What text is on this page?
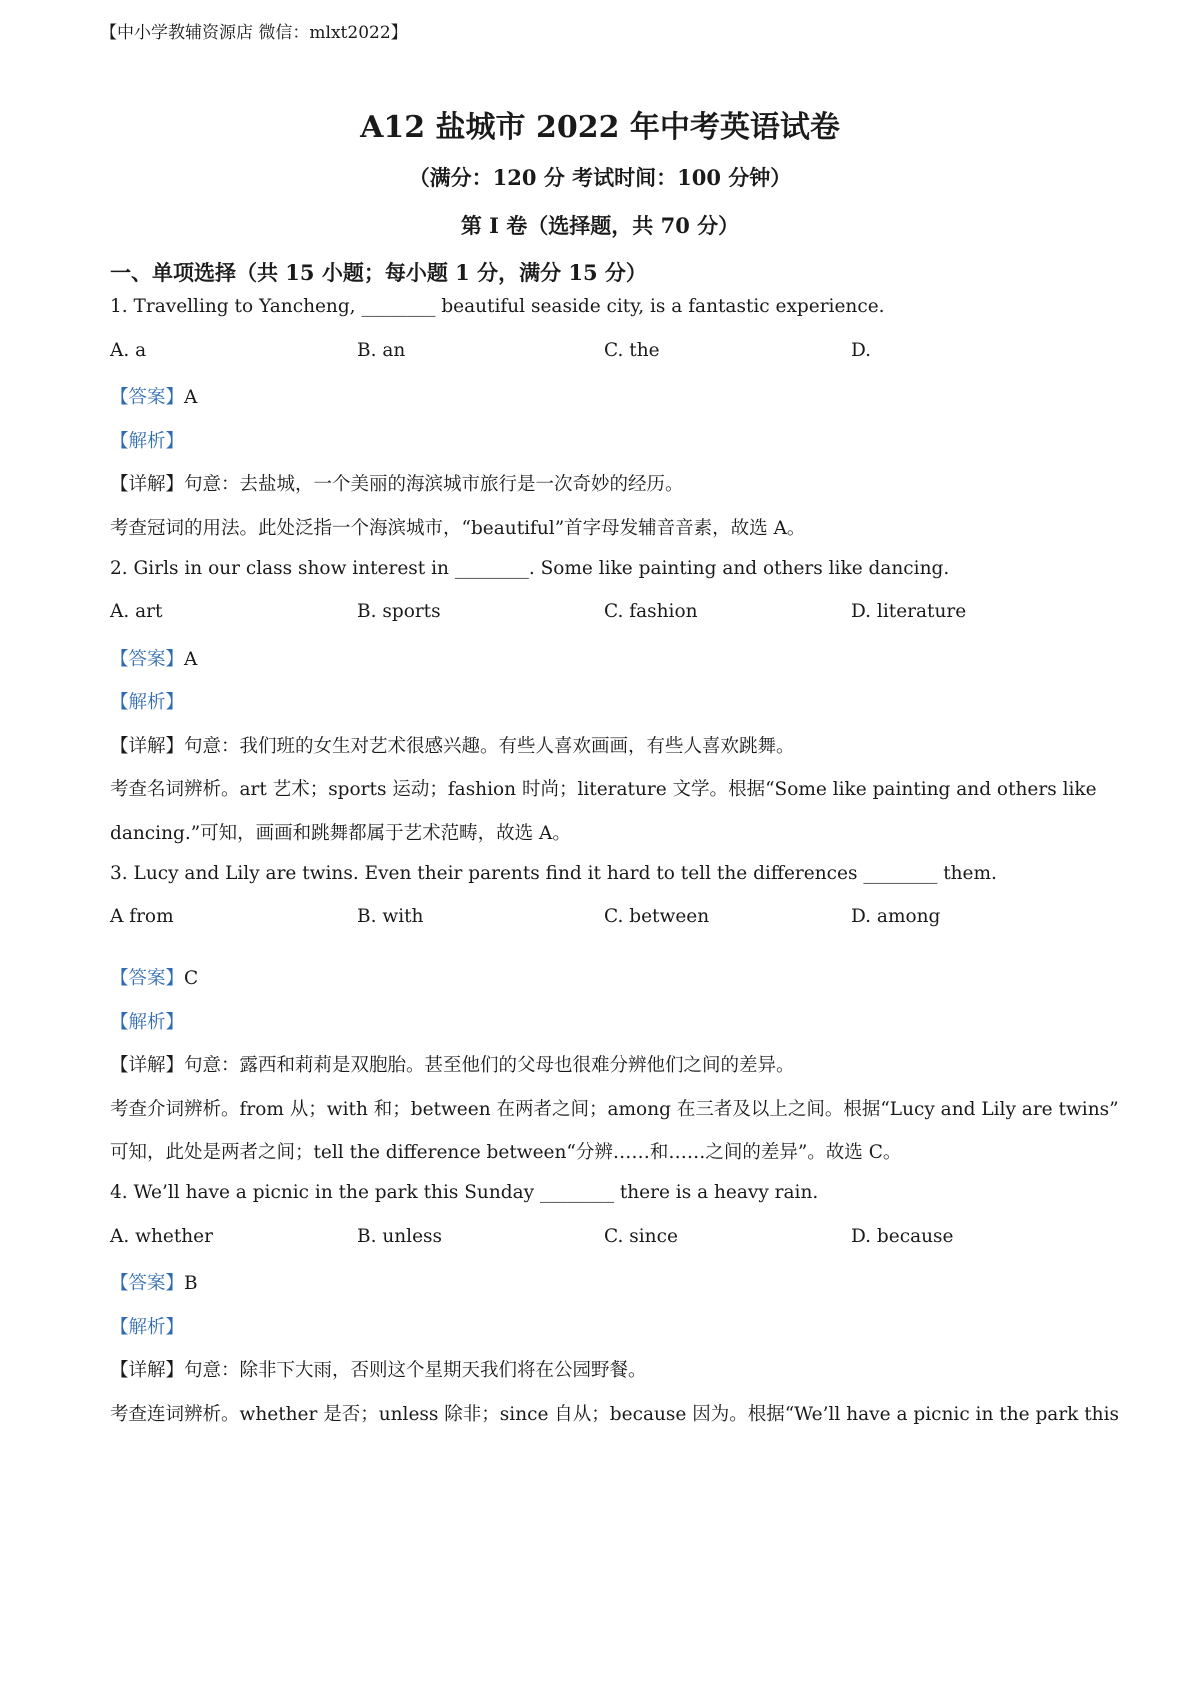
【中小学教辅资源店 微信：mlxt2022】
A12 盐城市 2022 年中考英语试卷
（满分：120 分 考试时间：100 分钟）
第 I 卷（选择题，共 70 分）
一、单项选择（共 15 小题；每小题 1 分，满分 15 分）
1. Travelling to Yancheng, ________ beautiful seaside city, is a fantastic experience.
A. a	B. an	C. the	D.
【答案】A
【解析】
【详解】句意：去盐城，一个美丽的海滨城市旅行是一次奇妙的经历。
考查冠词的用法。此处泛指一个海滨城市，“beautiful”首字母发辅音音素，故选 A。
2. Girls in our class show interest in ________. Some like painting and others like dancing.
A. art	B. sports	C. fashion	D. literature
【答案】A
【解析】
【详解】句意：我们班的女生对艺术很感兴趣。有些人喜欢画画，有些人喜欢跳舞。
考查名词辨析。art 艺术；sports 运动；fashion 时尚；literature 文学。根据“Some like painting and others like
dancing.”可知，画画和跳舞都属于艺术范畴，故选 A。
3. Lucy and Lily are twins. Even their parents find it hard to tell the differences ________ them.
A from	B. with	C. between	D. among
【答案】C
【解析】
【详解】句意：露西和莉莉是双胞胎。甚至他们的父母也很难分辨他们之间的差异。
考查介词辨析。from 从；with 和；between 在两者之间；among 在三者及以上之间。根据“Lucy and Lily are twins”
可知，此处是两者之间；tell the difference between“分辨……和……之间的差异”。故选 C。
4. We’ll have a picnic in the park this Sunday ________ there is a heavy rain.
A. whether	B. unless	C. since	D. because
【答案】B
【解析】
【详解】句意：除非下大雨，否则这个星期天我们将在公园野餐。
考查连词辨析。whether 是否；unless 除非；since 自从；because 因为。根据“We’ll have a picnic in the park this
